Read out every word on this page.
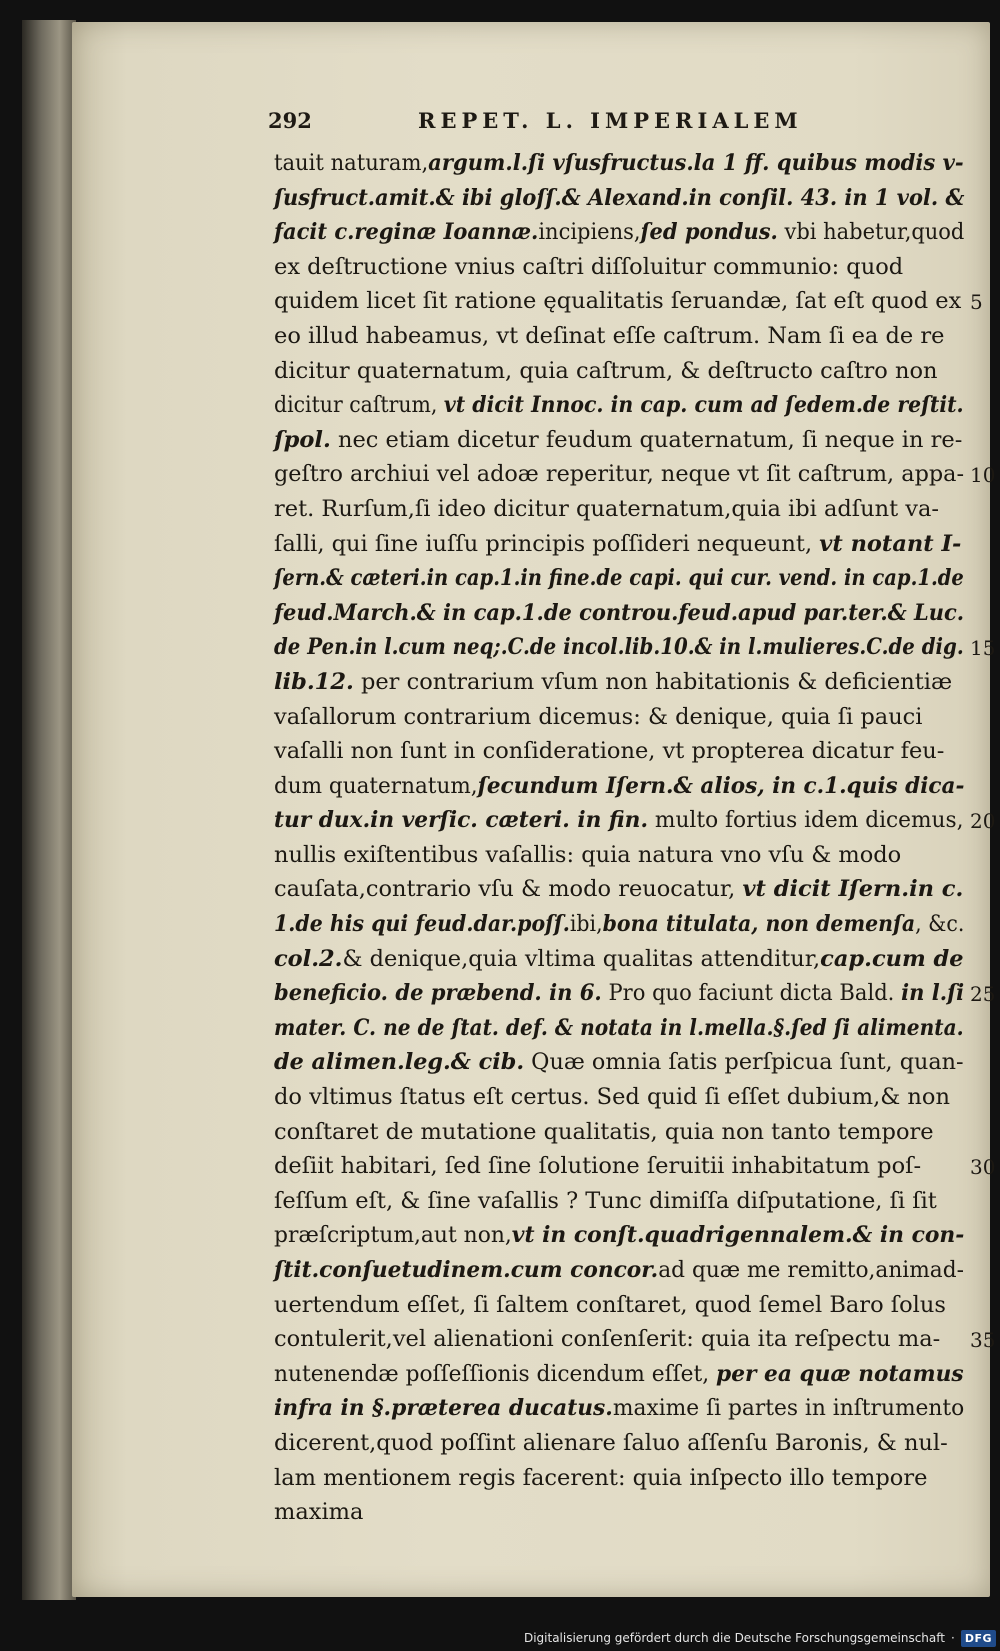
292	REPET. L. IMPERIALEM
tauit naturam,argum.l.ſi vſusfructus.la 1 ff. quibus modis v-
ſusfruct.amit.& ibi gloſſ.& Alexand.in conſil. 43. in 1 vol. &
facit c.reginæ Ioannæ.incipiens,ſed pondus. vbi habetur,quod
ex deſtructione vnius caſtri diſſoluitur communio: quod
quidem licet ſit ratione ęqualitatis ſeruandæ, ſat eſt quod ex
eo illud habeamus, vt deſinat eſſe caſtrum. Nam ſi ea de re
dicitur quaternatum, quia caſtrum, & deſtructo caſtro non
dicitur caſtrum, vt dicit Innoc. in cap. cum ad ſedem.de reſtit.
ſpol. nec etiam dicetur feudum quaternatum, ſi neque in re-
geſtro archiui vel adoæ reperitur, neque vt ſit caſtrum, appa-
ret. Rurſum,ſi ideo dicitur quaternatum,quia ibi adſunt va-
ſalli, qui ſine iuſſu principis poſſideri nequeunt, vt notant I-
ſern.& cæteri.in cap.1.in fine.de capi. qui cur. vend. in cap.1.de
feud.March.& in cap.1.de controu.feud.apud par.ter.& Luc.
de Pen.in l.cum neq;.C.de incol.lib.10.& in l.mulieres.C.de dig.
lib.12. per contrarium vſum non habitationis & deficientiæ
vaſallorum contrarium dicemus: & denique, quia ſi pauci
vaſalli non ſunt in conſideratione, vt propterea dicatur feu-
dum quaternatum,ſecundum Iſern.& alios, in c.1.quis dica-
tur dux.in verſic. cæteri. in fin. multo fortius idem dicemus,
nullis exiſtentibus vaſallis: quia natura vno vſu & modo
cauſata,contrario vſu & modo reuocatur, vt dicit Iſern.in c.
1.de his qui feud.dar.poſſ.ibi,bona titulata, non demenſa, &c.
col.2.& denique,quia vltima qualitas attenditur,cap.cum de
beneficio. de præbend. in 6. Pro quo faciunt dicta Bald. in l.ſi
mater. C. ne de ſtat. def. & notata in l.mella.§.ſed ſi alimenta.
de alimen.leg.& cib. Quæ omnia ſatis perſpicua ſunt, quan-
do vltimus ſtatus eſt certus. Sed quid ſi eſſet dubium,& non
conſtaret de mutatione qualitatis, quia non tanto tempore
deſiit habitari, ſed ſine ſolutione ſeruitii inhabitatum poſ-
ſeſſum eſt, & ſine vaſallis ? Tunc dimiſſa diſputatione, ſi ſit
præſcriptum,aut non,vt in conſt.quadrigennalem.& in con-
ſtit.conſuetudinem.cum concor.ad quæ me remitto,animad-
uertendum eſſet, ſi ſaltem conſtaret, quod ſemel Baro ſolus
contulerit,vel alienationi conſenſerit: quia ita reſpectu ma-
nutenendæ poſſeſſionis dicendum eſſet, per ea quæ notamus
infra in §.præterea ducatus.maxime ſi partes in inſtrumento
dicerent,quod poſſint alienare ſaluo aſſenſu Baronis, & nul-
lam mentionem regis facerent: quia inſpecto illo tempore
maxima
5
10
15
20
25
30
35
Digitalisierung gefördert durch die Deutsche Forschungsgemeinschaft · DFG
